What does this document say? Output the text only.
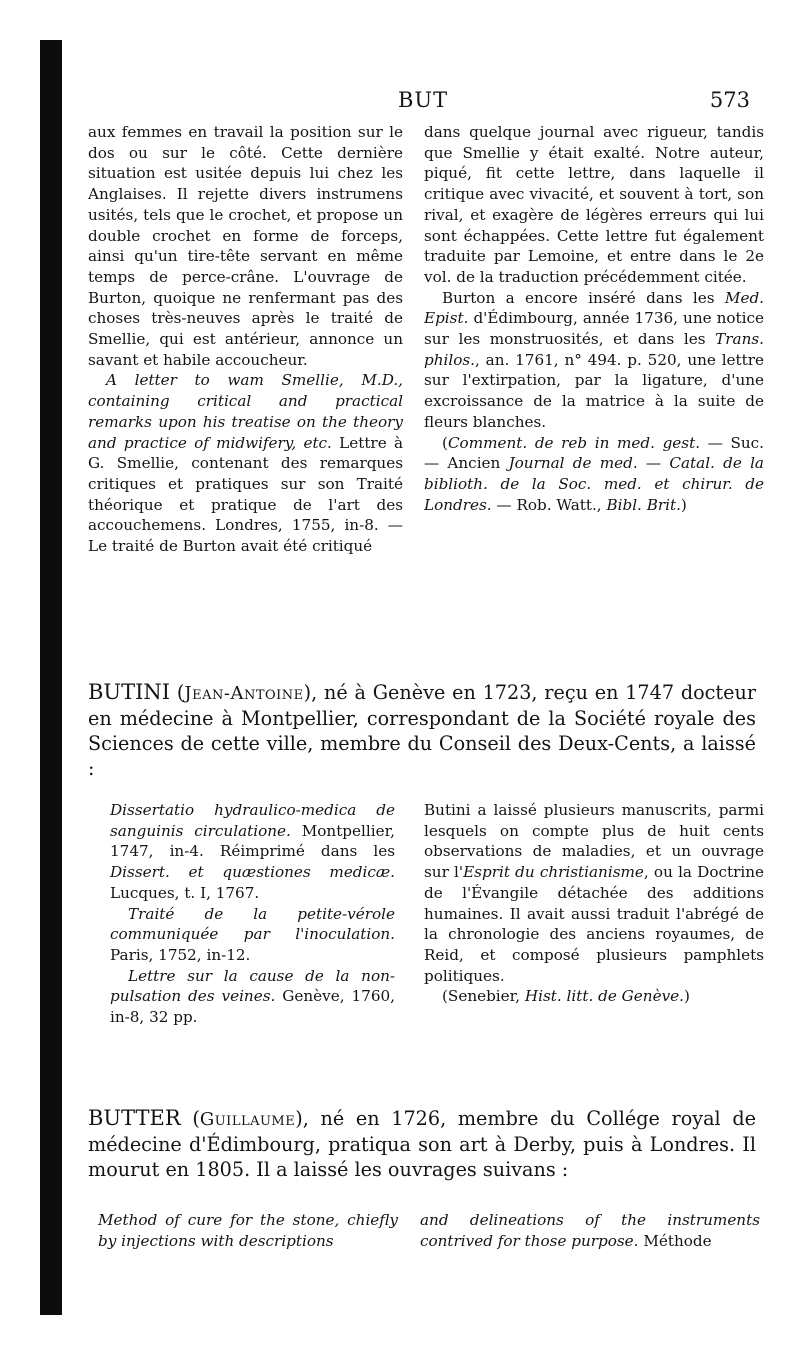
BUT	573

aux femmes en travail la position sur le dos ou sur le côté. Cette dernière situation est usitée depuis lui chez les Anglaises. Il rejette divers instrumens usités, tels que le crochet, et propose un double crochet en forme de forceps, ainsi qu'un tire-tête servant en même temps de perce-crâne. L'ouvrage de Burton, quoique ne renfermant pas des choses très-neuves après le traité de Smellie, qui est antérieur, annonce un savant et habile accoucheur.

A letter to wam Smellie, M.D., containing critical and practical remarks upon his treatise on the theory and practice of midwifery, etc. Lettre à G. Smellie, contenant des remarques critiques et pratiques sur son Traité théorique et pratique de l'art des accouchemens. Londres, 1755, in-8. — Le traité de Burton avait été critiqué

dans quelque journal avec rigueur, tandis que Smellie y était exalté. Notre auteur, piqué, fit cette lettre, dans laquelle il critique avec vivacité, et souvent à tort, son rival, et exagère de légères erreurs qui lui sont échappées. Cette lettre fut également traduite par Lemoine, et entre dans le 2e vol. de la traduction précédemment citée.

Burton a encore inséré dans les Med. Epist. d'Édimbourg, année 1736, une notice sur les monstruosités, et dans les Trans. philos., an. 1761, n° 494. p. 520, une lettre sur l'extirpation, par la ligature, d'une excroissance de la matrice à la suite de fleurs blanches.

(Comment. de reb in med. gest. — Suc. — Ancien Journal de med. — Catal. de la biblioth. de la Soc. med. et chirur. de Londres. — Rob. Watt., Bibl. Brit.)

BUTINI (Jean-Antoine), né à Genève en 1723, reçu en 1747 docteur en médecine à Montpellier, correspondant de la Société royale des Sciences de cette ville, membre du Conseil des Deux-Cents, a laissé :

Dissertatio hydraulico-medica de sanguinis circulatione. Montpellier, 1747, in-4. Réimprimé dans les Dissert. et quæstiones medicæ. Lucques, t. I, 1767.

Traité de la petite-vérole communiquée par l'inoculation. Paris, 1752, in-12.

Lettre sur la cause de la non-pulsation des veines. Genève, 1760, in-8, 32 pp.

Butini a laissé plusieurs manuscrits, parmi lesquels on compte plus de huit cents observations de maladies, et un ouvrage sur l'Esprit du christianisme, ou la Doctrine de l'Évangile détachée des additions humaines. Il avait aussi traduit l'abrégé de la chronologie des anciens royaumes, de Reid, et composé plusieurs pamphlets politiques.

(Senebier, Hist. litt. de Genève.)

BUTTER (Guillaume), né en 1726, membre du Collége royal de médecine d'Édimbourg, pratiqua son art à Derby, puis à Londres. Il mourut en 1805. Il a laissé les ouvrages suivans :

Method of cure for the stone, chiefly by injections with descriptions

and delineations of the instruments contrived for those purpose. Méthode
